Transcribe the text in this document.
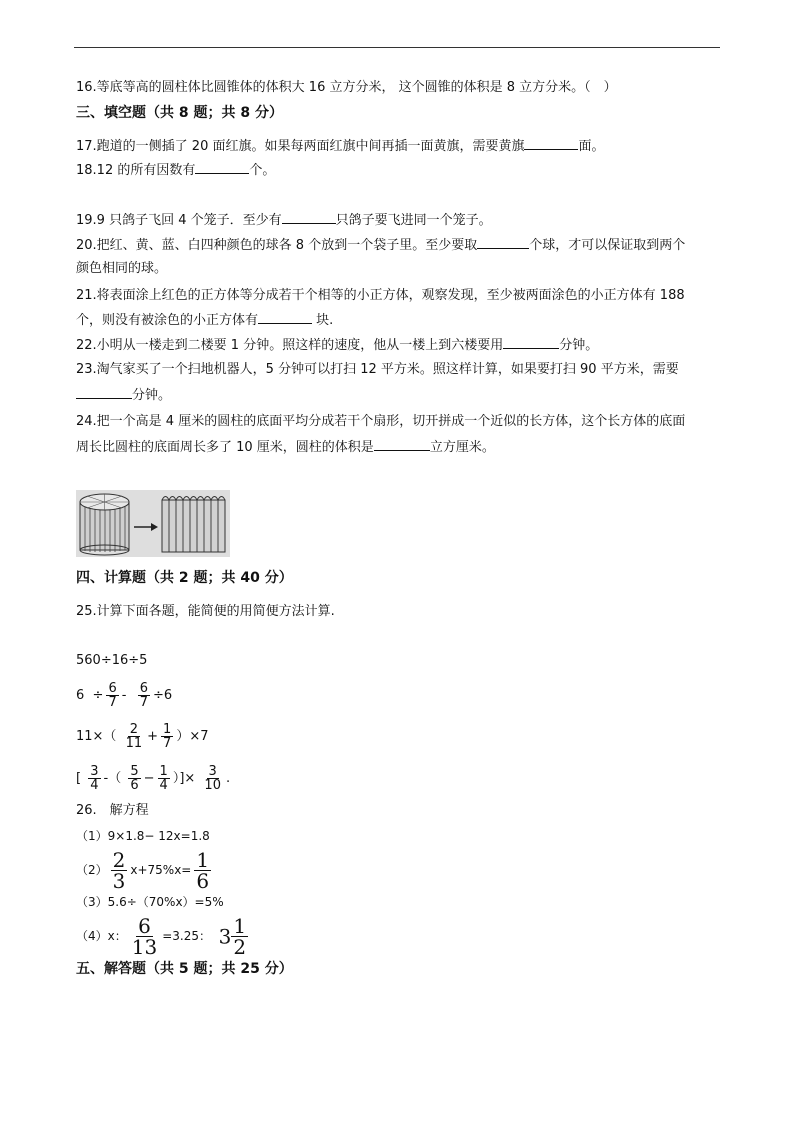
16.等底等高的圆柱体比圆锥体的体积大 16 立方分米， 这个圆锥的体积是 8 立方分米。（　）
三、填空题（共 8 题；共 8 分）
17.跑道的一侧插了 20 面红旗。如果每两面红旗中间再插一面黄旗，需要黄旗	面。
18.12 的所有因数有	个。
19.9 只鸽子飞回 4 个笼子．至少有	只鸽子要飞进同一个笼子。
20.把红、黄、蓝、白四种颜色的球各 8 个放到一个袋子里。至少要取	个球，才可以保证取到两个
颜色相同的球。
21.将表面涂上红色的正方体等分成若干个相等的小正方体，观察发现，至少被两面涂色的小正方体有 188
个，则没有被涂色的小正方体有	块.
22.小明从一楼走到二楼要 1 分钟。照这样的速度，他从一楼上到六楼要用	分钟。
23.淘气家买了一个扫地机器人，5 分钟可以打扫 12 平方米。照这样计算，如果要打扫 90 平方米，需要
分钟。
24.把一个高是 4 厘米的圆柱的底面平均分成若干个扇形，切开拼成一个近似的长方体，这个长方体的底面
周长比圆柱的底面周长多了 10 厘米，圆柱的体积是	立方厘米。
四、计算题（共 2 题；共 40 分）
25.计算下面各题，能简便的用简便方法计算.
560÷16÷5
$6 \div \frac{6}{7} - \frac{6}{7} \div 6$
$11\times( \frac{2}{11} + \frac{1}{7} )\times 7$
[ $\frac{3}{4}$ -（ $\frac{5}{6} - \frac{1}{4}$ ）]× $\frac{3}{10}$ .
26.　解方程
（1）9×1.8− 12x=1.8
$(2) \frac{2}{3} x+75\%x= \frac{1}{6}$
（3）5.6÷（70%x）=5%
（4）x： $\frac{6}{13} =3.25$： $3 \frac{1}{2}$
五、解答题（共 5 题；共 25 分）
